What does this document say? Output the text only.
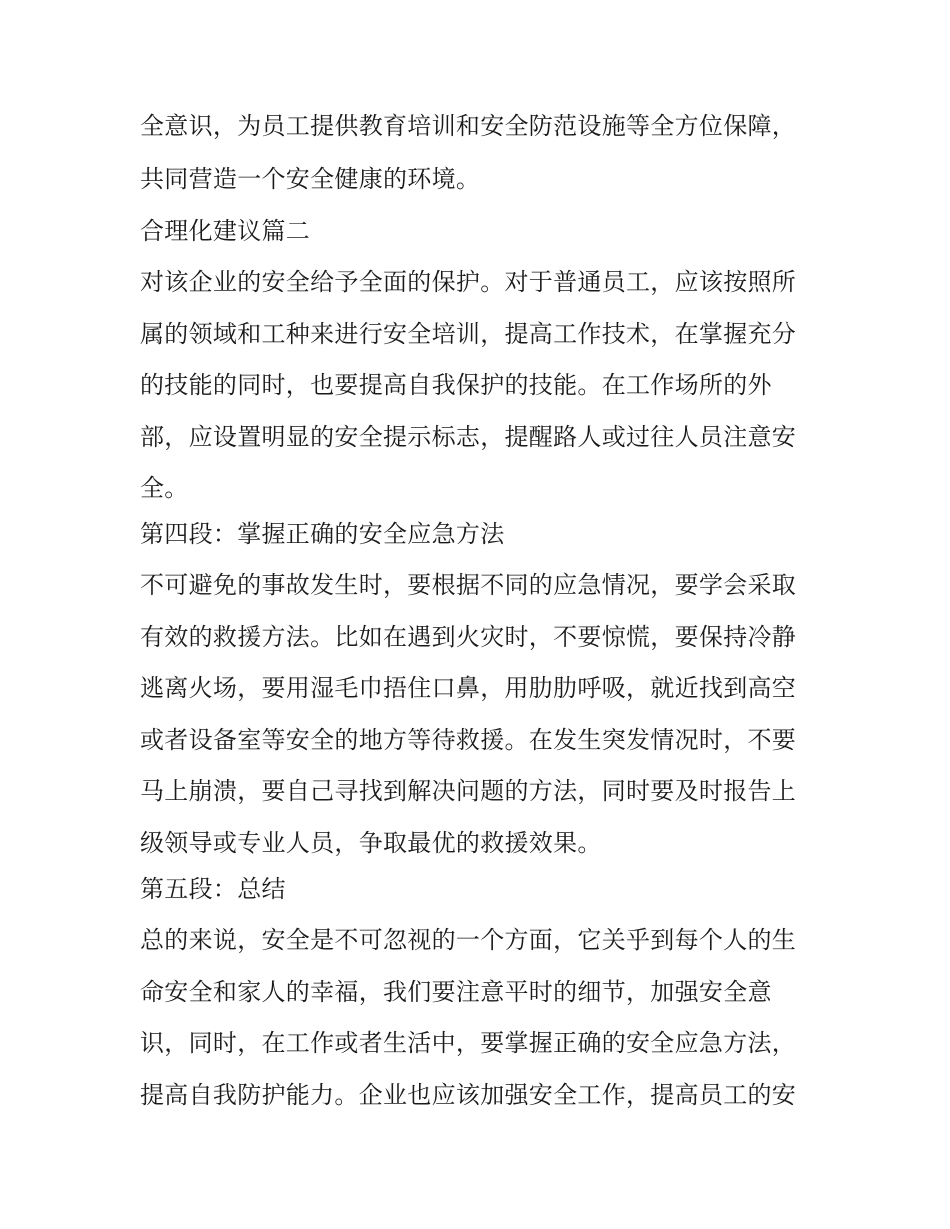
全意识，为员工提供教育培训和安全防范设施等全方位保障，
共同营造一个安全健康的环境。
合理化建议篇二
对该企业的安全给予全面的保护。对于普通员工，应该按照所
属的领域和工种来进行安全培训，提高工作技术，在掌握充分
的技能的同时，也要提高自我保护的技能。在工作场所的外
部，应设置明显的安全提示标志，提醒路人或过往人员注意安
全。
第四段：掌握正确的安全应急方法
不可避免的事故发生时，要根据不同的应急情况，要学会采取
有效的救援方法。比如在遇到火灾时，不要惊慌，要保持冷静
逃离火场，要用湿毛巾捂住口鼻，用肋肋呼吸，就近找到高空
或者设备室等安全的地方等待救援。在发生突发情况时，不要
马上崩溃，要自己寻找到解决问题的方法，同时要及时报告上
级领导或专业人员，争取最优的救援效果。
第五段：总结
总的来说，安全是不可忽视的一个方面，它关乎到每个人的生
命安全和家人的幸福，我们要注意平时的细节，加强安全意
识，同时，在工作或者生活中，要掌握正确的安全应急方法，
提高自我防护能力。企业也应该加强安全工作，提高员工的安
